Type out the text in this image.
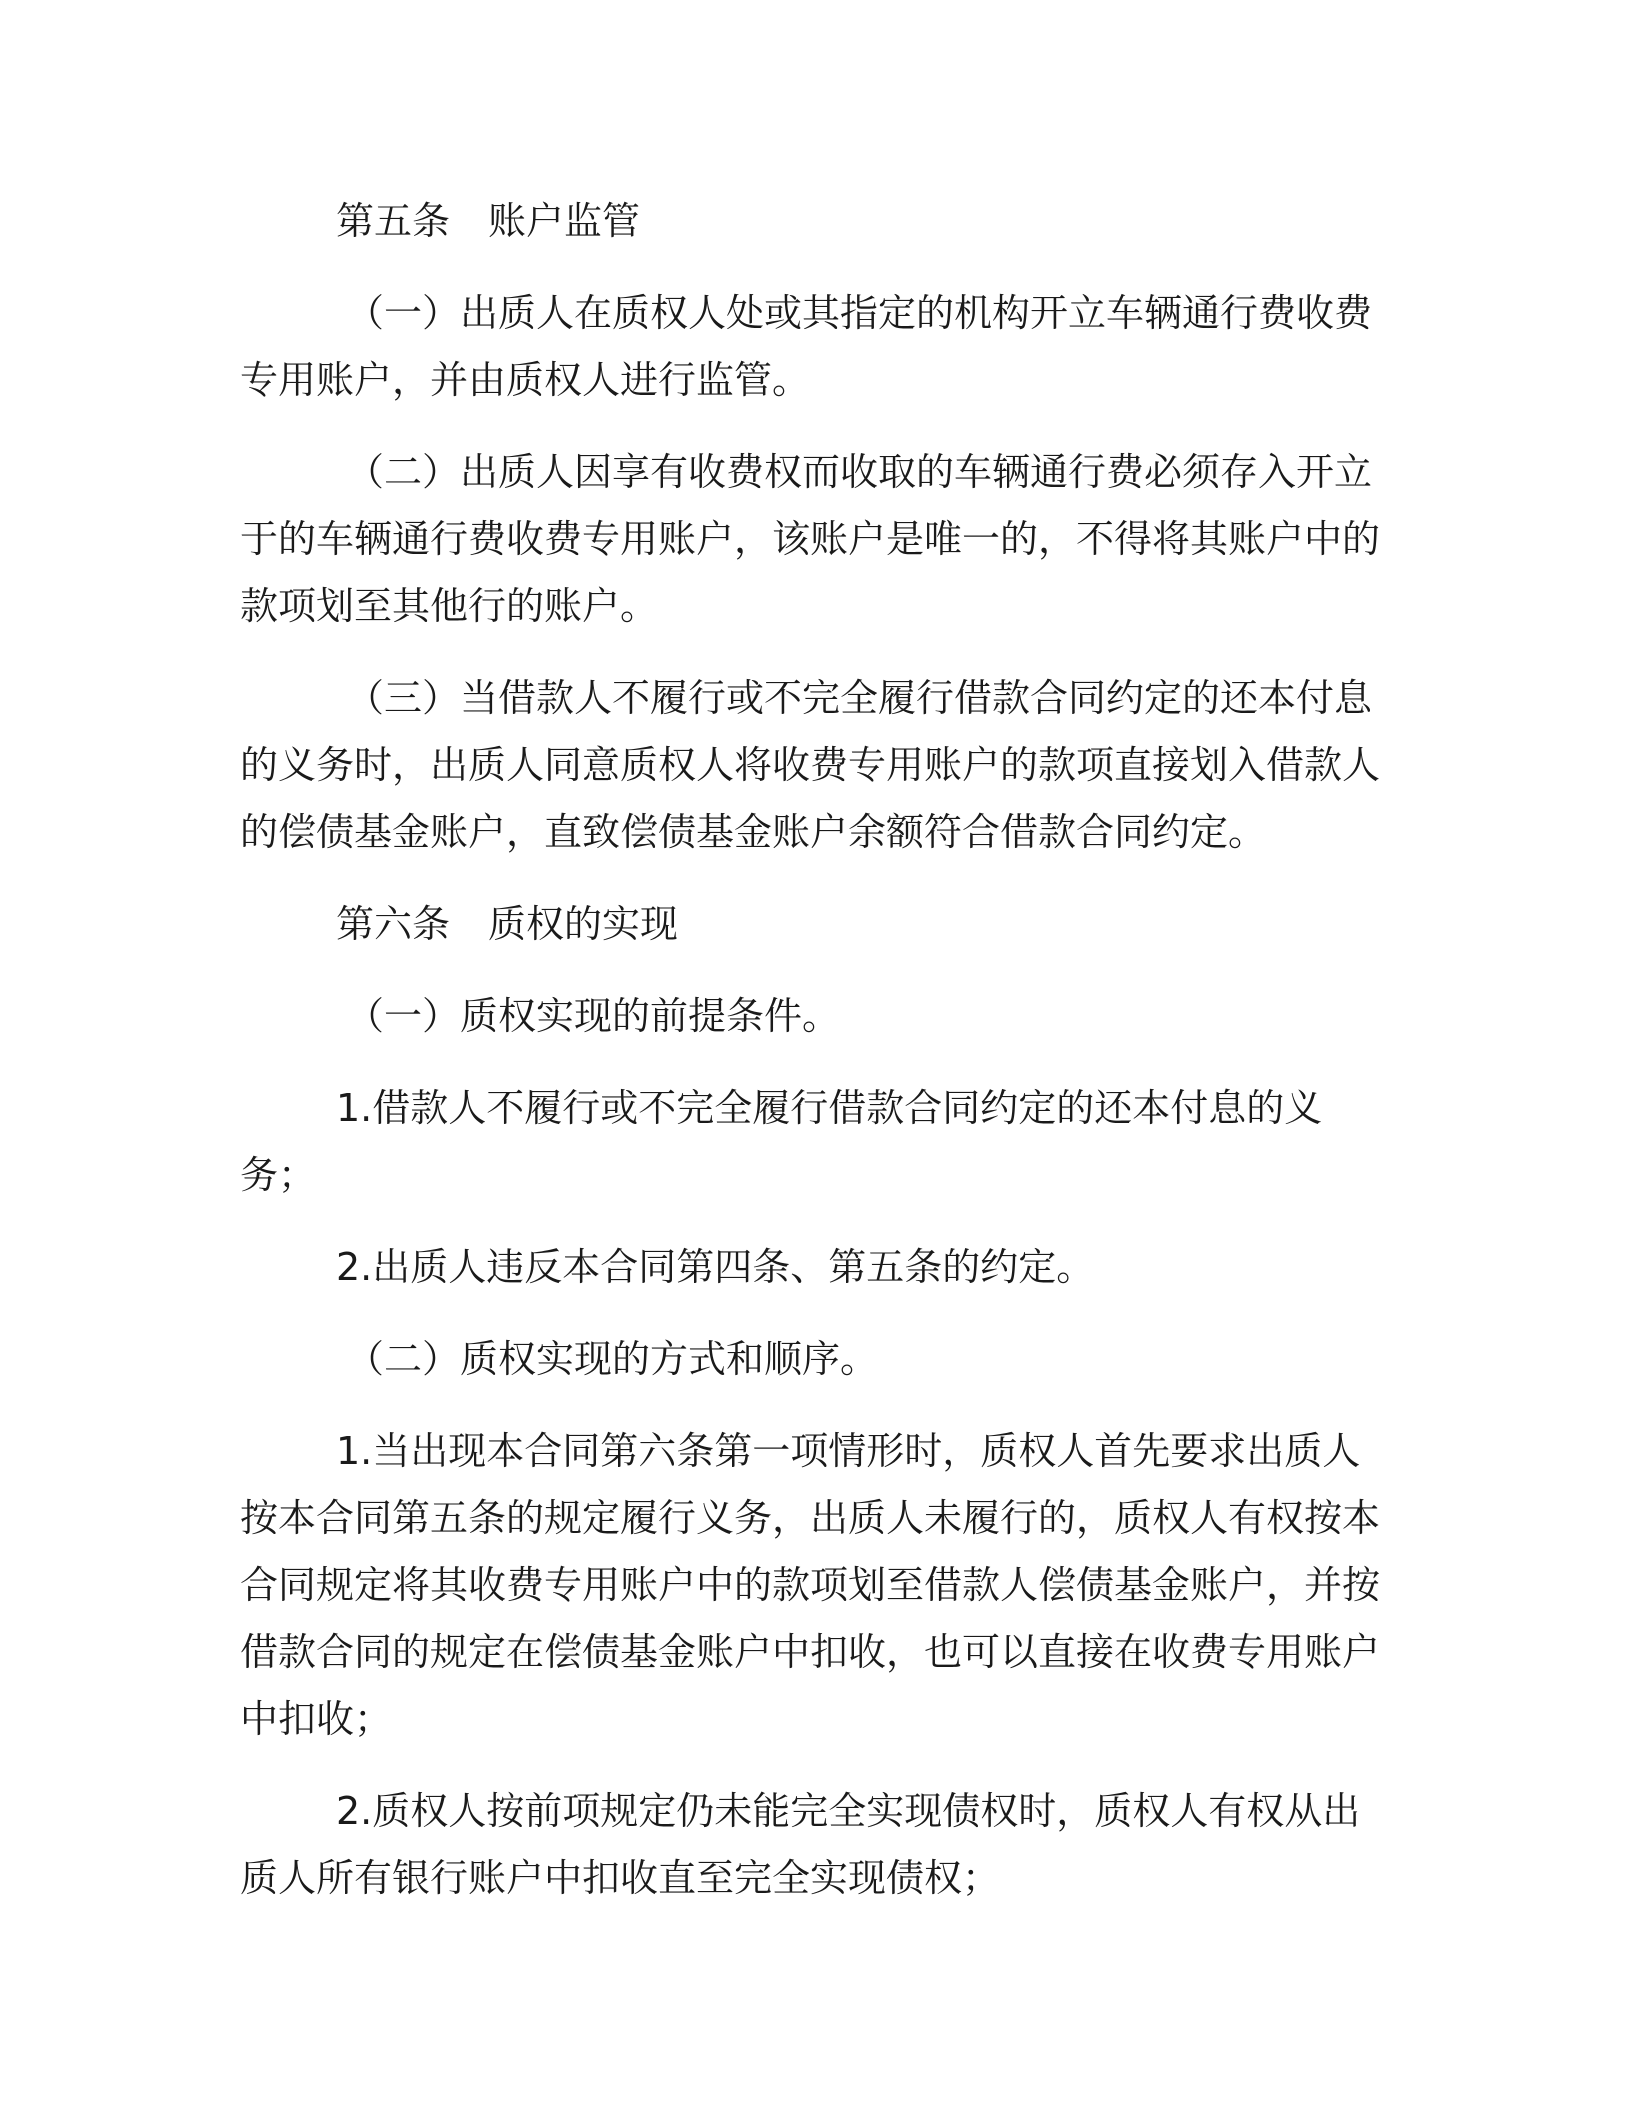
第五条　账户监管

（一）出质人在质权人处或其指定的机构开立车辆通行费收费专用账户，并由质权人进行监管。

（二）出质人因享有收费权而收取的车辆通行费必须存入开立于的车辆通行费收费专用账户，该账户是唯一的，不得将其账户中的款项划至其他行的账户。

（三）当借款人不履行或不完全履行借款合同约定的还本付息的义务时，出质人同意质权人将收费专用账户的款项直接划入借款人的偿债基金账户，直致偿债基金账户余额符合借款合同约定。

第六条　质权的实现

（一）质权实现的前提条件。

1.借款人不履行或不完全履行借款合同约定的还本付息的义务；

2.出质人违反本合同第四条、第五条的约定。

（二）质权实现的方式和顺序。

1.当出现本合同第六条第一项情形时，质权人首先要求出质人按本合同第五条的规定履行义务，出质人未履行的，质权人有权按本合同规定将其收费专用账户中的款项划至借款人偿债基金账户，并按借款合同的规定在偿债基金账户中扣收，也可以直接在收费专用账户中扣收；

2.质权人按前项规定仍未能完全实现债权时，质权人有权从出质人所有银行账户中扣收直至完全实现债权；
